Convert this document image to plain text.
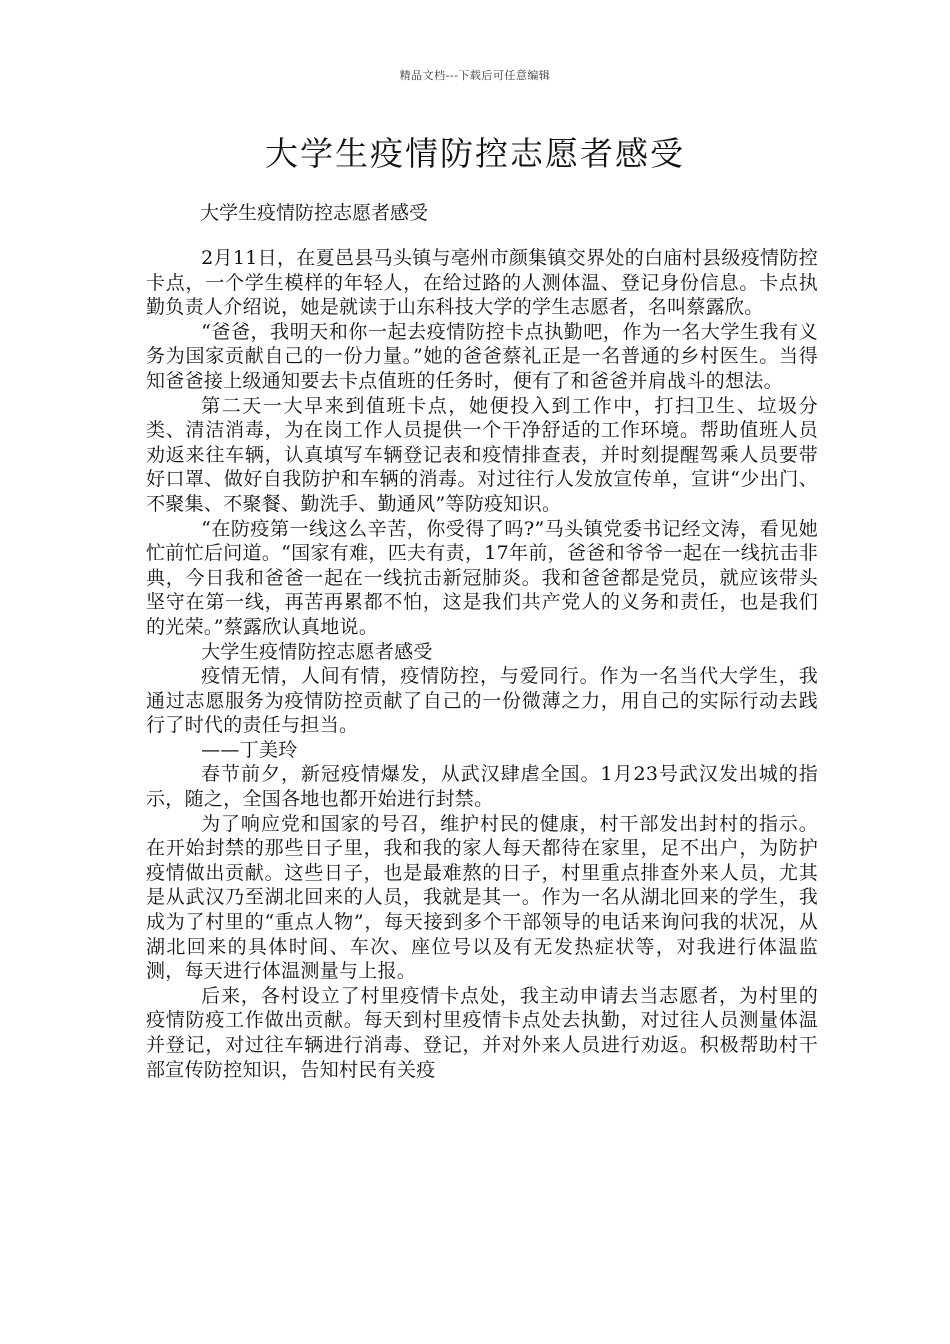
精品文档---下载后可任意编辑
大学生疫情防控志愿者感受

大学生疫情防控志愿者感受

2月11日，在夏邑县马头镇与亳州市颜集镇交界处的白庙村县级疫情防控卡点，一个学生模样的年轻人，在给过路的人测体温、登记身份信息。卡点执勤负责人介绍说，她是就读于山东科技大学的学生志愿者，名叫蔡露欣。

“爸爸，我明天和你一起去疫情防控卡点执勤吧，作为一名大学生我有义务为国家贡献自己的一份力量。”她的爸爸蔡礼正是一名普通的乡村医生。当得知爸爸接上级通知要去卡点值班的任务时，便有了和爸爸并肩战斗的想法。

第二天一大早来到值班卡点，她便投入到工作中，打扫卫生、垃圾分类、清洁消毒，为在岗工作人员提供一个干净舒适的工作环境。帮助值班人员劝返来往车辆，认真填写车辆登记表和疫情排查表，并时刻提醒驾乘人员要带好口罩、做好自我防护和车辆的消毒。对过往行人发放宣传单，宣讲“少出门、不聚集、不聚餐、勤洗手、勤通风”等防疫知识。

“在防疫第一线这么辛苦，你受得了吗?”马头镇党委书记经文涛，看见她忙前忙后问道。“国家有难，匹夫有责，17年前，爸爸和爷爷一起在一线抗击非典，今日我和爸爸一起在一线抗击新冠肺炎。我和爸爸都是党员，就应该带头坚守在第一线，再苦再累都不怕，这是我们共产党人的义务和责任，也是我们的光荣。”蔡露欣认真地说。

大学生疫情防控志愿者感受

疫情无情，人间有情，疫情防控，与爱同行。作为一名当代大学生，我通过志愿服务为疫情防控贡献了自己的一份微薄之力，用自己的实际行动去践行了时代的责任与担当。

——丁美玲

春节前夕，新冠疫情爆发，从武汉肆虐全国。1月23号武汉发出城的指示，随之，全国各地也都开始进行封禁。

为了响应党和国家的号召，维护村民的健康，村干部发出封村的指示。在开始封禁的那些日子里，我和我的家人每天都待在家里，足不出户，为防护疫情做出贡献。这些日子，也是最难熬的日子，村里重点排查外来人员，尤其是从武汉乃至湖北回来的人员，我就是其一。作为一名从湖北回来的学生，我成为了村里的“重点人物”，每天接到多个干部领导的电话来询问我的状况，从湖北回来的具体时间、车次、座位号以及有无发热症状等，对我进行体温监测，每天进行体温测量与上报。

后来，各村设立了村里疫情卡点处，我主动申请去当志愿者，为村里的疫情防疫工作做出贡献。每天到村里疫情卡点处去执勤，对过往人员测量体温并登记，对过往车辆进行消毒、登记，并对外来人员进行劝返。积极帮助村干部宣传防控知识，告知村民有关疫
